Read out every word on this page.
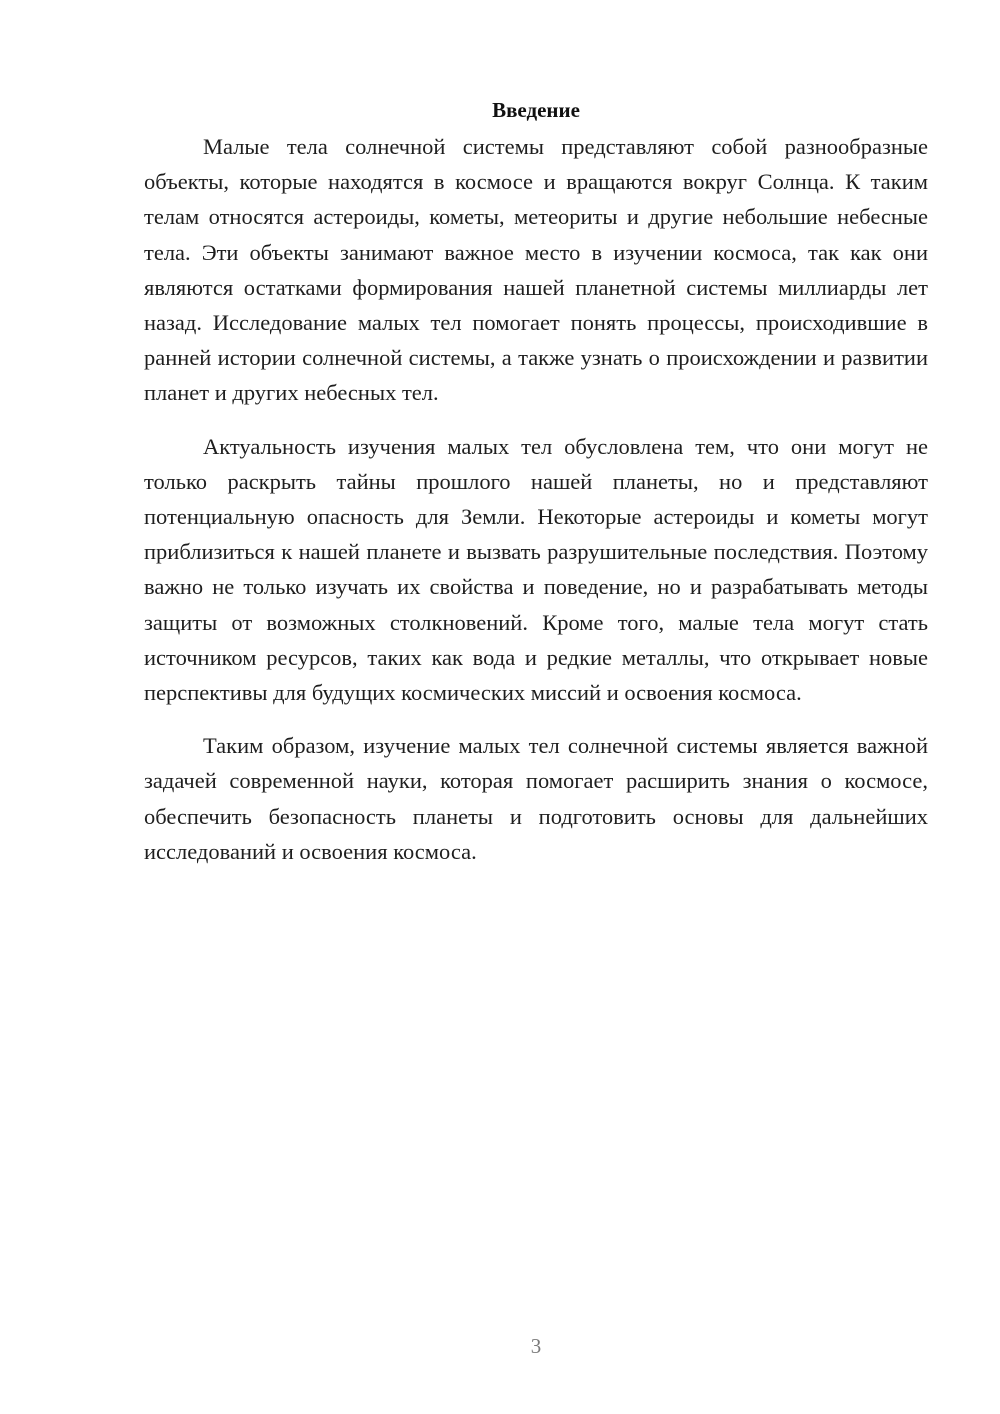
Введение

Малые тела солнечной системы представляют собой разнообразные объекты, которые находятся в космосе и вращаются вокруг Солнца. К таким телам относятся астероиды, кометы, метеориты и другие небольшие небесные тела. Эти объекты занимают важное место в изучении космоса, так как они являются остатками формирования нашей планетной системы миллиарды лет назад. Исследование малых тел помогает понять процессы, происходившие в ранней истории солнечной системы, а также узнать о происхождении и развитии планет и других небесных тел.

Актуальность изучения малых тел обусловлена тем, что они могут не только раскрыть тайны прошлого нашей планеты, но и представляют потенциальную опасность для Земли. Некоторые астероиды и кометы могут приблизиться к нашей планете и вызвать разрушительные последствия. Поэтому важно не только изучать их свойства и поведение, но и разрабатывать методы защиты от возможных столкновений. Кроме того, малые тела могут стать источником ресурсов, таких как вода и редкие металлы, что открывает новые перспективы для будущих космических миссий и освоения космоса.

Таким образом, изучение малых тел солнечной системы является важной задачей современной науки, которая помогает расширить знания о космосе, обеспечить безопасность планеты и подготовить основы для дальнейших исследований и освоения космоса.

3
